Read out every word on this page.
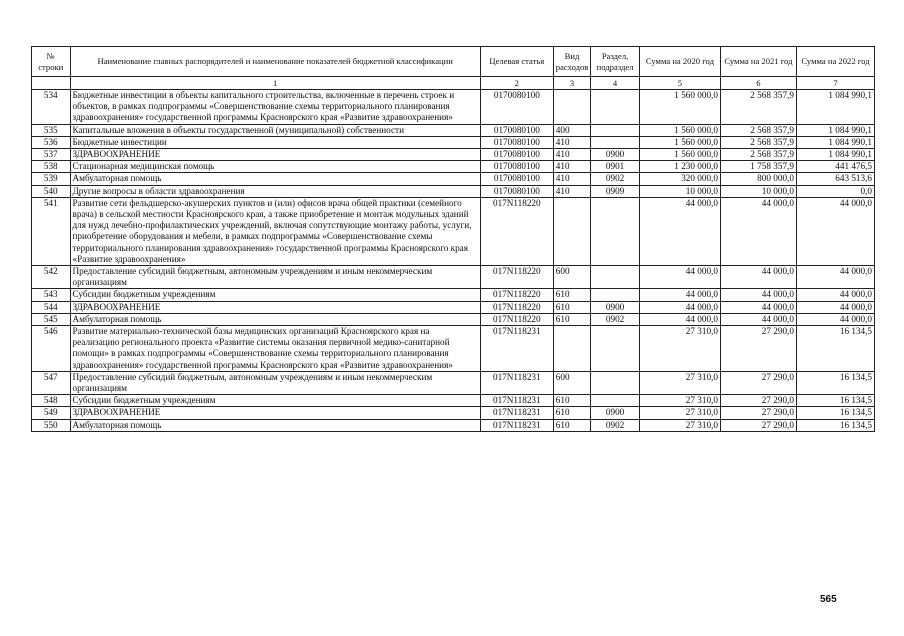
№ строки	Наименование главных распорядителей и наименование показателей бюджетной классификации	Целевая статья	Вид расходов	Раздел, подраздел	Сумма на 2020 год	Сумма на 2021 год	Сумма на 2022 год
	1	2	3	4	5	6	7
534	Бюджетные инвестиции в объекты капитального строительства, включенные в перечень строек и объектов, в рамках подпрограммы «Совершенствование схемы территориального планирования здравоохранения» государственной программы Красноярского края «Развитие здравоохранения»	0170080100			1 560 000,0	2 568 357,9	1 084 990,1
535	Капитальные вложения в объекты государственной (муниципальной) собственности	0170080100	400		1 560 000,0	2 568 357,9	1 084 990,1
536	Бюджетные инвестиции	0170080100	410		1 560 000,0	2 568 357,9	1 084 990,1
537	ЗДРАВООХРАНЕНИЕ	0170080100	410	0900	1 560 000,0	2 568 357,9	1 084 990,1
538	Стационарная медицинская помощь	0170080100	410	0901	1 230 000,0	1 758 357,9	441 476,5
539	Амбулаторная помощь	0170080100	410	0902	320 000,0	800 000,0	643 513,6
540	Другие вопросы в области здравоохранения	0170080100	410	0909	10 000,0	10 000,0	0,0
541	Развитие сети фельдшерско-акушерских пунктов и (или) офисов врача общей практики (семейного врача) в сельской местности Красноярского края, а также приобретение и монтаж модульных зданий для нужд лечебно-профилактических учреждений, включая сопутствующие монтажу работы, услуги, приобретение оборудования и мебели, в рамках подпрограммы «Совершенствование схемы территориального планирования здравоохранения» государственной программы Красноярского края «Развитие здравоохранения»	017N118220			44 000,0	44 000,0	44 000,0
542	Предоставление субсидий бюджетным, автономным учреждениям и иным некоммерческим организациям	017N118220	600		44 000,0	44 000,0	44 000,0
543	Субсидии бюджетным учреждениям	017N118220	610		44 000,0	44 000,0	44 000,0
544	ЗДРАВООХРАНЕНИЕ	017N118220	610	0900	44 000,0	44 000,0	44 000,0
545	Амбулаторная помощь	017N118220	610	0902	44 000,0	44 000,0	44 000,0
546	Развитие материально-технической базы медицинских организаций Красноярского края на реализацию регионального проекта «Развитие системы оказания первичной медико-санитарной помощи» в рамках подпрограммы «Совершенствование схемы территориального планирования здравоохранения» государственной программы Красноярского края «Развитие здравоохранения»	017N118231			27 310,0	27 290,0	16 134,5
547	Предоставление субсидий бюджетным, автономным учреждениям и иным некоммерческим организациям	017N118231	600		27 310,0	27 290,0	16 134,5
548	Субсидии бюджетным учреждениям	017N118231	610		27 310,0	27 290,0	16 134,5
549	ЗДРАВООХРАНЕНИЕ	017N118231	610	0900	27 310,0	27 290,0	16 134,5
550	Амбулаторная помощь	017N118231	610	0902	27 310,0	27 290,0	16 134,5
565
